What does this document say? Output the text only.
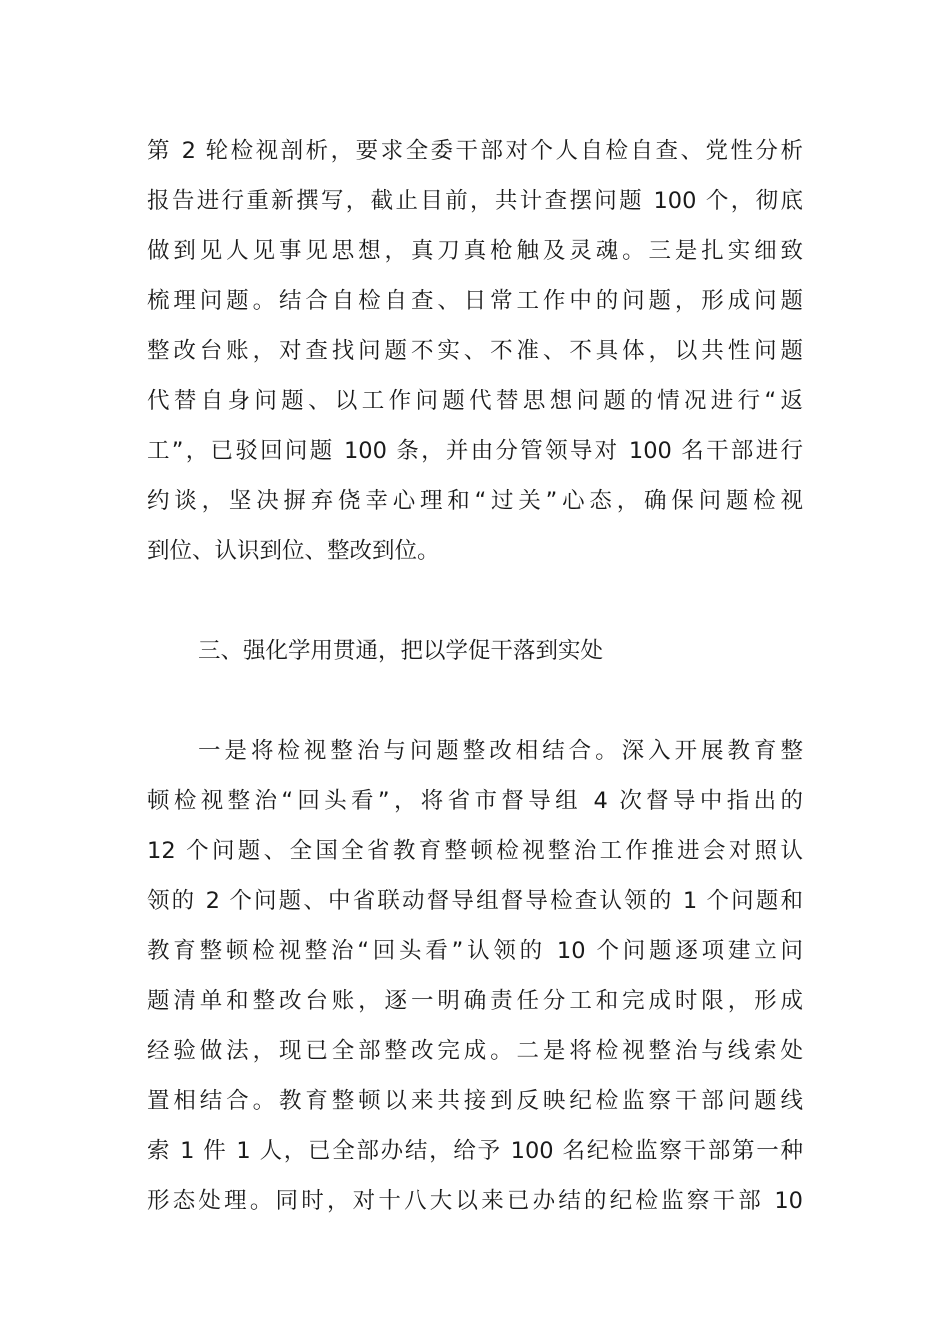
第 2 轮检视剖析，要求全委干部对个人自检自查、党性分析
报告进行重新撰写，截止目前，共计查摆问题 100 个，彻底
做到见人见事见思想，真刀真枪触及灵魂。三是扎实细致
梳理问题。结合自检自查、日常工作中的问题，形成问题
整改台账，对查找问题不实、不准、不具体，以共性问题
代替自身问题、以工作问题代替思想问题的情况进行“返
工”，已驳回问题 100 条，并由分管领导对 100 名干部进行
约谈，坚决摒弃侥幸心理和“过关”心态，确保问题检视
到位、认识到位、整改到位。
三、强化学用贯通，把以学促干落到实处
一是将检视整治与问题整改相结合。深入开展教育整
顿检视整治“回头看”，将省市督导组 4 次督导中指出的
12 个问题、全国全省教育整顿检视整治工作推进会对照认
领的 2 个问题、中省联动督导组督导检查认领的 1 个问题和
教育整顿检视整治“回头看”认领的 10 个问题逐项建立问
题清单和整改台账，逐一明确责任分工和完成时限，形成
经验做法，现已全部整改完成。二是将检视整治与线索处
置相结合。教育整顿以来共接到反映纪检监察干部问题线
索 1 件 1 人，已全部办结，给予 100 名纪检监察干部第一种
形态处理。同时，对十八大以来已办结的纪检监察干部 10
